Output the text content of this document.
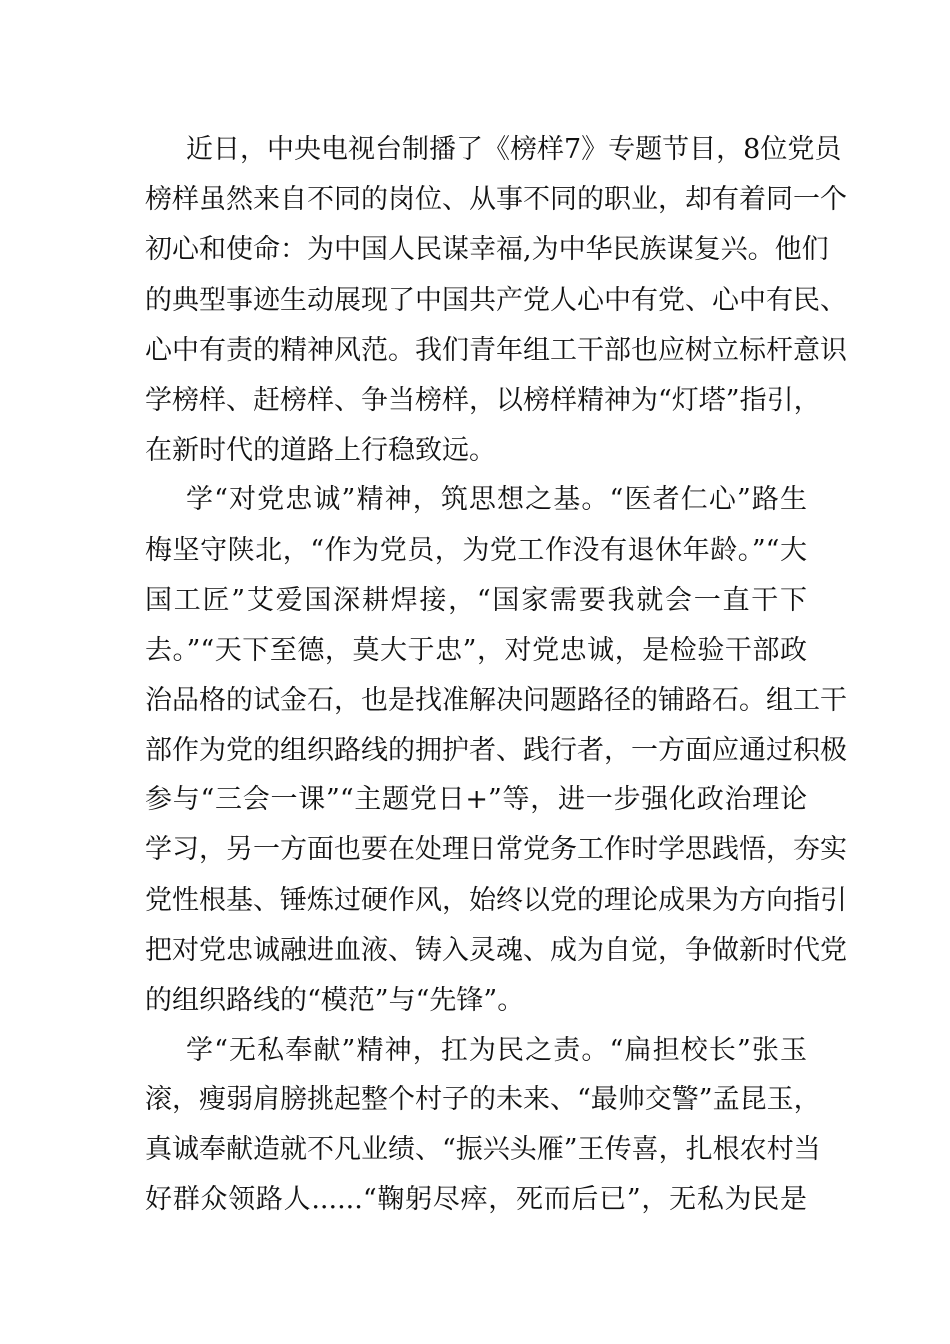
近日，中央电视台制播了《榜样7》专题节目，8位党员

榜样虽然来自不同的岗位、从事不同的职业，却有着同一个

初心和使命：为中国人民谋幸福,为中华民族谋复兴。他们

的典型事迹生动展现了中国共产党人心中有党、心中有民、

心中有责的精神风范。我们青年组工干部也应树立标杆意识

学榜样、赶榜样、争当榜样，以榜样精神为“灯塔”指引，

在新时代的道路上行稳致远。

学“对党忠诚”精神，筑思想之基。“医者仁心”路生

梅坚守陕北，“作为党员，为党工作没有退休年龄。”“大

国工匠”艾爱国深耕焊接，“国家需要我就会一直干下

去。”“天下至德，莫大于忠”，对党忠诚，是检验干部政

治品格的试金石，也是找准解决问题路径的铺路石。组工干

部作为党的组织路线的拥护者、践行者，一方面应通过积极

参与“三会一课”“主题党日+”等，进一步强化政治理论

学习，另一方面也要在处理日常党务工作时学思践悟，夯实

党性根基、锤炼过硬作风，始终以党的理论成果为方向指引

把对党忠诚融进血液、铸入灵魂、成为自觉，争做新时代党

的组织路线的“模范”与“先锋”。

学“无私奉献”精神，扛为民之责。“扁担校长”张玉

滚，瘦弱肩膀挑起整个村子的未来、“最帅交警”孟昆玉，

真诚奉献造就不凡业绩、“振兴头雁”王传喜，扎根农村当

好群众领路人......“鞠躬尽瘁，死而后已”，无私为民是
